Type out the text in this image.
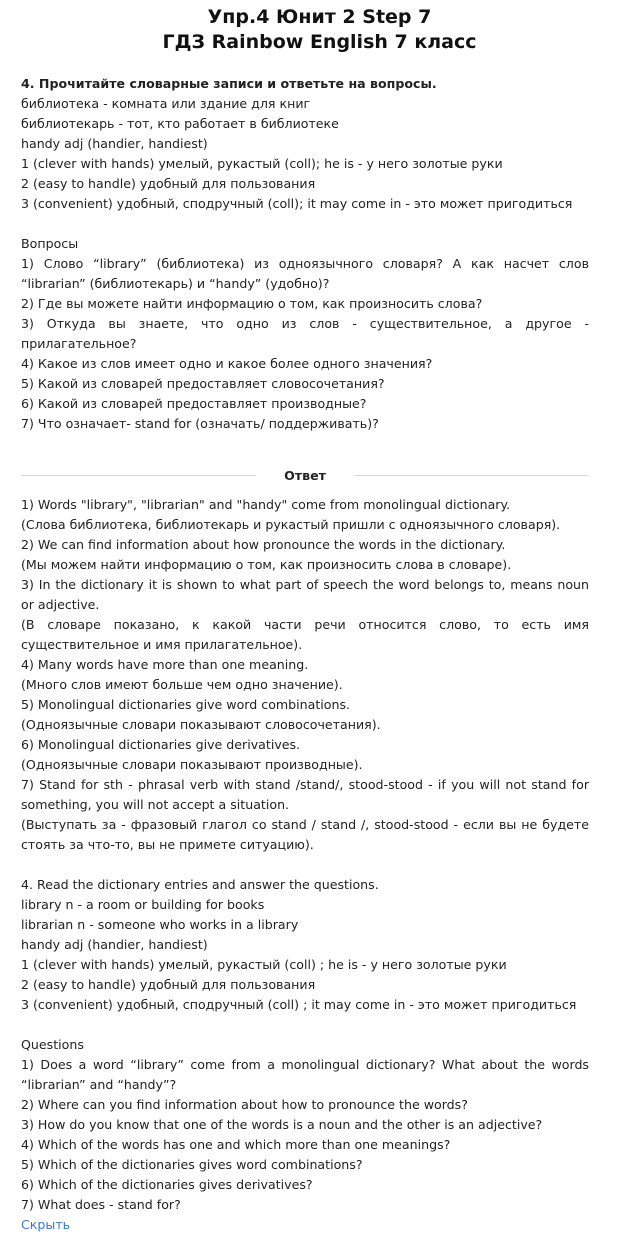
Упр.4 Юнит 2 Step 7
ГДЗ Rainbow English 7 класс
4. Прочитайте словарные записи и ответьте на вопросы.
библиотека - комната или здание для книг
библиотекарь - тот, кто работает в библиотеке
handy adj (handier, handiest)
1 (clever with hands) умелый, рукастый (coll); he is - у него золотые руки
2 (easy to handle) удобный для пользования
3 (convenient) удобный, сподручный (coll); it may come in - это может пригодиться
Вопросы
1) Слово “library” (библиотека) из одноязычного словаря? А как насчет слов “librarian” (библиотекарь) и “handy” (удобно)?
2) Где вы можете найти информацию о том, как произносить слова?
3) Откуда вы знаете, что одно из слов - существительное, а другое - прилагательное?
4) Какое из слов имеет одно и какое более одного значения?
5) Какой из словарей предоставляет словосочетания?
6) Какой из словарей предоставляет производные?
7) Что означает- stand for (означать/ поддерживать)?
Ответ
1) Words "library", "librarian" and "handy" come from monolingual dictionary.
(Слова библиотека, библиотекарь и рукастый пришли с одноязычного словаря).
2) We can find information about how pronounce the words in the dictionary.
(Мы можем найти информацию о том, как произносить слова в словаре).
3) In the dictionary it is shown to what part of speech the word belongs to, means noun or adjective.
(В словаре показано, к какой части речи относится слово, то есть имя существительное и имя прилагательное).
4) Many words have more than one meaning.
(Много слов имеют больше чем одно значение).
5) Monolingual dictionaries give word combinations.
(Одноязычные словари показывают словосочетания).
6) Monolingual dictionaries give derivatives.
(Одноязычные словари показывают производные).
7) Stand for sth - phrasal verb with stand /stand/, stood-stood - if you will not stand for something, you will not accept a situation.
(Выступать за - фразовый глагол со stand / stand /, stood-stood - если вы не будете стоять за что-то, вы не примете ситуацию).
4. Read the dictionary entries and answer the questions.
library n - a room or building for books
librarian n - someone who works in a library
handy adj (handier, handiest)
1 (clever with hands) умелый, рукастый (coll) ; he is - у него золотые руки
2 (easy to handle) удобный для пользования
3 (convenient) удобный, сподручный (coll) ; it may come in - это может пригодиться
Questions
1) Does a word “library” come from a monolingual dictionary? What about the words “librarian” and “handy”?
2) Where can you find information about how to pronounce the words?
3) How do you know that one of the words is a noun and the other is an adjective?
4) Which of the words has one and which more than one meanings?
5) Which of the dictionaries gives word combinations?
6) Which of the dictionaries gives derivatives?
7) What does - stand for?
Скрыть
